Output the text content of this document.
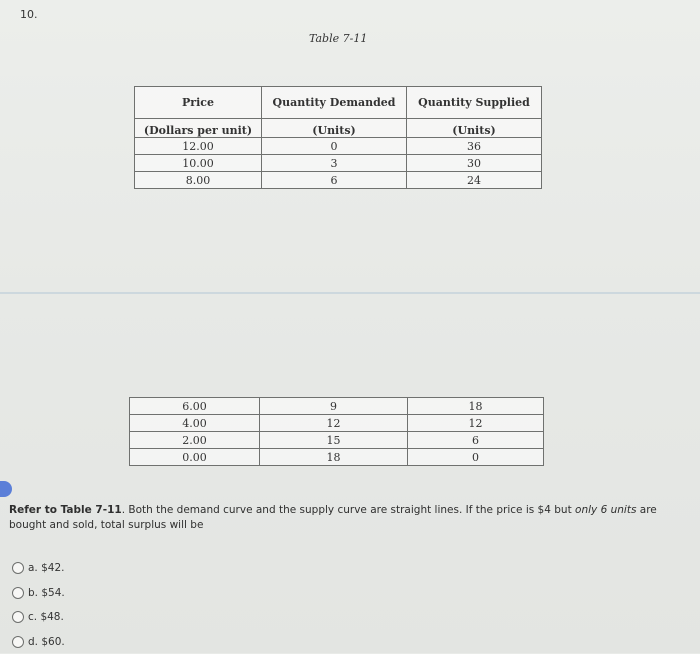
10.
Table 7-11
Price	Quantity Demanded	Quantity Supplied
(Dollars per unit)	(Units)	(Units)
12.00	0	36
10.00	3	30
8.00	6	24
6.00	9	18
4.00	12	12
2.00	15	6
0.00	18	0
Refer to Table 7-11. Both the demand curve and the supply curve are straight lines. If the price is $4 but only 6 units are bought and sold, total surplus will be
a. $42.
b. $54.
c. $48.
d. $60.
